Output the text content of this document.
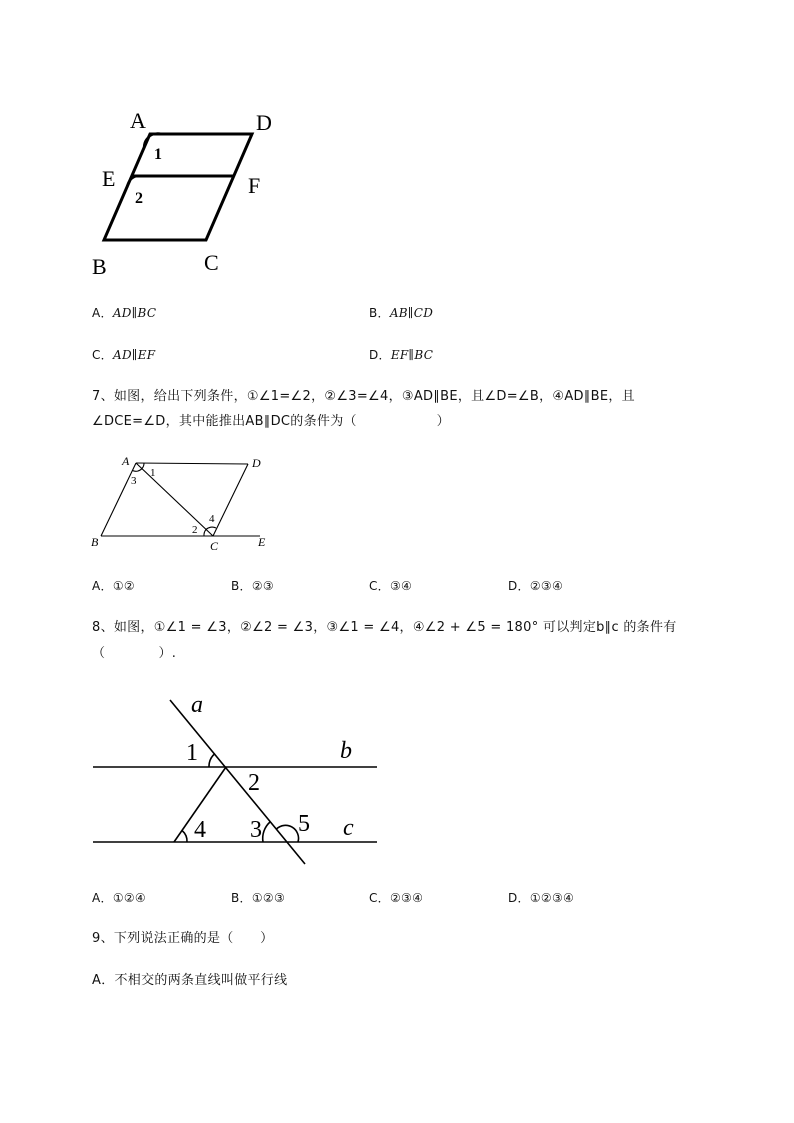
A	D
E	F
B	C
1
2
A．AD∥BC	B．AB∥CD
C．AD∥EF	D．EF∥BC
7、如图，给出下列条件，①∠1=∠2，②∠3=∠4，③AD∥BE，且∠D=∠B，④AD∥BE，且
∠DCE=∠D，其中能推出AB∥DC的条件为（　　　　　　）
A	D
B	C	E
1
3
2
4
A．①②	B．②③	C．③④	D．②③④
8、如图，①∠1 = ∠3，②∠2 = ∠3，③∠1 = ∠4，④∠2 + ∠5 = 180° 可以判定b∥c 的条件有
（　　　　）.
a
b
c
1
2
3
4	5
A．①②④	B．①②③	C．②③④	D．①②③④
9、下列说法正确的是（　　）
A．不相交的两条直线叫做平行线
